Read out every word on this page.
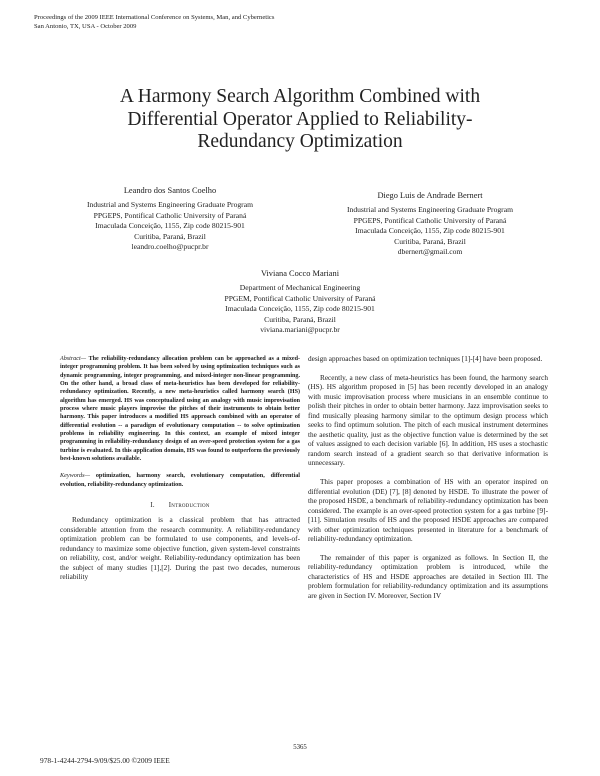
Proceedings of the 2009 IEEE International Conference on Systems, Man, and Cybernetics
San Antonio, TX, USA - October 2009
A Harmony Search Algorithm Combined with
Differential Operator Applied to Reliability-
Redundancy Optimization
Leandro dos Santos Coelho
Industrial and Systems Engineering Graduate Program
PPGEPS, Pontifical Catholic University of Paraná
Imaculada Conceição, 1155, Zip code 80215-901
Curitiba, Paraná, Brazil
leandro.coelho@pucpr.br
Diego Luis de Andrade Bernert
Industrial and Systems Engineering Graduate Program
PPGEPS, Pontifical Catholic University of Paraná
Imaculada Conceição, 1155, Zip code 80215-901
Curitiba, Paraná, Brazil
dbernert@gmail.com
Viviana Cocco Mariani
Department of Mechanical Engineering
PPGEM, Pontifical Catholic University of Paraná
Imaculada Conceição, 1155, Zip code 80215-901
Curitiba, Paraná, Brazil
viviana.mariani@pucpr.br

Abstract— The reliability-redundancy allocation problem can be approached as a mixed-integer programming problem. It has been solved by using optimization techniques such as dynamic programming, integer programming, and mixed-integer non-linear programming. On the other hand, a broad class of meta-heuristics has been developed for reliability-redundancy optimization. Recently, a new meta-heuristics called harmony search (HS) algorithm has emerged. HS was conceptualized using an analogy with music improvisation process where music players improvise the pitches of their instruments to obtain better harmony. This paper introduces a modified HS approach combined with an operator of differential evolution -- a paradigm of evolutionary computation -- to solve optimization problems in reliability engineering. In this context, an example of mixed integer programming in reliability-redundancy design of an over-speed protection system for a gas turbine is evaluated. In this application domain, HS was found to outperform the previously best-known solutions available.

Keywords— optimization, harmony search, evolutionary computation, differential evolution, reliability-redundancy optimization.

I. Introduction

Redundancy optimization is a classical problem that has attracted considerable attention from the research community. A reliability-redundancy optimization problem can be formulated to use components, and levels-of-redundancy to maximize some objective function, given system-level constraints on reliability, cost, and/or weight. Reliability-redundancy optimization has been the subject of many studies [1],[2]. During the past two decades, numerous reliability

design approaches based on optimization techniques [1]-[4] have been proposed.

Recently, a new class of meta-heuristics has been found, the harmony search (HS). HS algorithm proposed in [5] has been recently developed in an analogy with music improvisation process where musicians in an ensemble continue to polish their pitches in order to obtain better harmony. Jazz improvisation seeks to find musically pleasing harmony similar to the optimum design process which seeks to find optimum solution. The pitch of each musical instrument determines the aesthetic quality, just as the objective function value is determined by the set of values assigned to each decision variable [6]. In addition, HS uses a stochastic random search instead of a gradient search so that derivative information is unnecessary.

This paper proposes a combination of HS with an operator inspired on differential evolution (DE) [7], [8] denoted by HSDE. To illustrate the power of the proposed HSDE, a benchmark of reliability-redundancy optimization has been considered. The example is an over-speed protection system for a gas turbine [9]-[11]. Simulation results of HS and the proposed HSDE approaches are compared with other optimization techniques presented in literature for a benchmark of reliability-redundancy optimization.

The remainder of this paper is organized as follows. In Section II, the reliability-redundancy optimization problem is introduced, while the characteristics of HS and HSDE approaches are detailed in Section III. The problem formulation for reliability-redundancy optimization and its assumptions are given in Section IV. Moreover, Section IV

5365
978-1-4244-2794-9/09/$25.00 ©2009 IEEE
